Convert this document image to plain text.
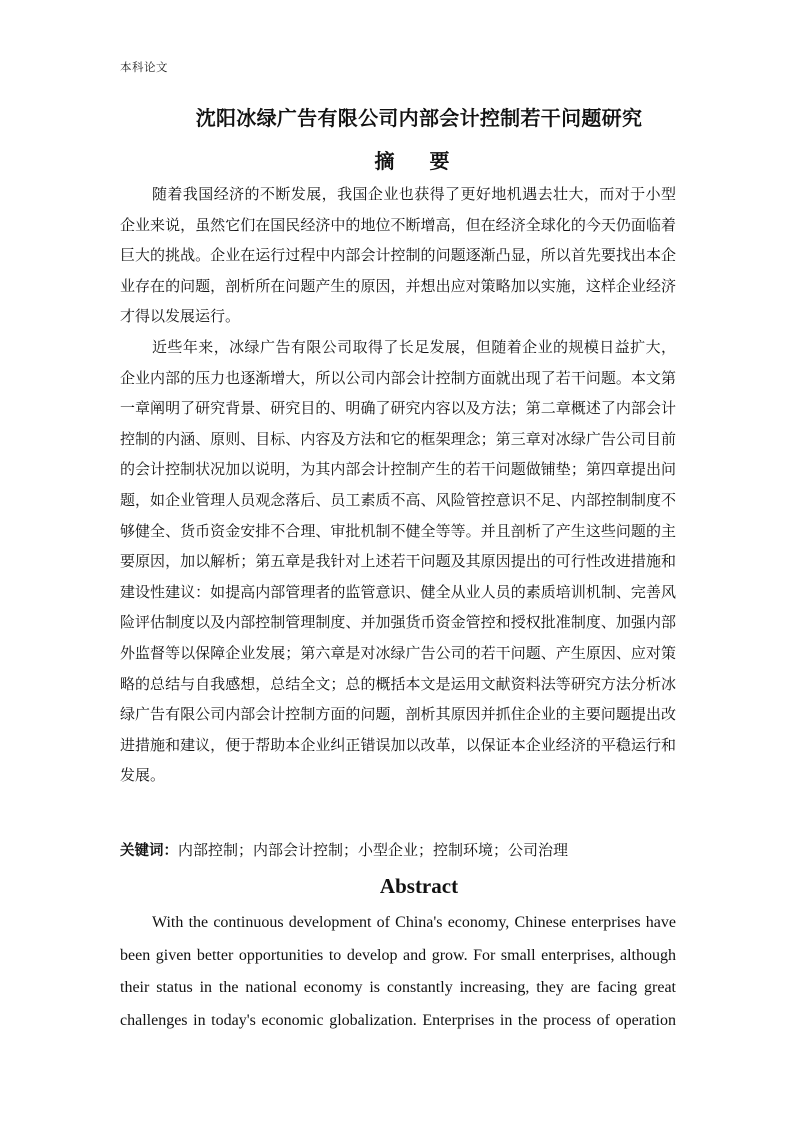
本科论文
沈阳冰绿广告有限公司内部会计控制若干问题研究
摘 要

随着我国经济的不断发展，我国企业也获得了更好地机遇去壮大，而对于小型企业来说，虽然它们在国民经济中的地位不断增高，但在经济全球化的今天仍面临着巨大的挑战。企业在运行过程中内部会计控制的问题逐渐凸显，所以首先要找出本企业存在的问题，剖析所在问题产生的原因，并想出应对策略加以实施，这样企业经济才得以发展运行。

近些年来，冰绿广告有限公司取得了长足发展，但随着企业的规模日益扩大，企业内部的压力也逐渐增大，所以公司内部会计控制方面就出现了若干问题。本文第一章阐明了研究背景、研究目的、明确了研究内容以及方法；第二章概述了内部会计控制的内涵、原则、目标、内容及方法和它的框架理念；第三章对冰绿广告公司目前的会计控制状况加以说明，为其内部会计控制产生的若干问题做铺垫；第四章提出问题，如企业管理人员观念落后、员工素质不高、风险管控意识不足、内部控制制度不够健全、货币资金安排不合理、审批机制不健全等等。并且剖析了产生这些问题的主要原因，加以解析；第五章是我针对上述若干问题及其原因提出的可行性改进措施和建设性建议：如提高内部管理者的监管意识、健全从业人员的素质培训机制、完善风险评估制度以及内部控制管理制度、并加强货币资金管控和授权批准制度、加强内部外监督等以保障企业发展；第六章是对冰绿广告公司的若干问题、产生原因、应对策略的总结与自我感想，总结全文；总的概括本文是运用文献资料法等研究方法分析冰绿广告有限公司内部会计控制方面的问题，剖析其原因并抓住企业的主要问题提出改进措施和建议，便于帮助本企业纠正错误加以改革，以保证本企业经济的平稳运行和发展。

关键词：内部控制；内部会计控制；小型企业；控制环境；公司治理
Abstract

With the continuous development of China's economy, Chinese enterprises have been given better opportunities to develop and grow. For small enterprises, although their status in the national economy is constantly increasing, they are facing great challenges in today's economic globalization. Enterprises in the process of operation
